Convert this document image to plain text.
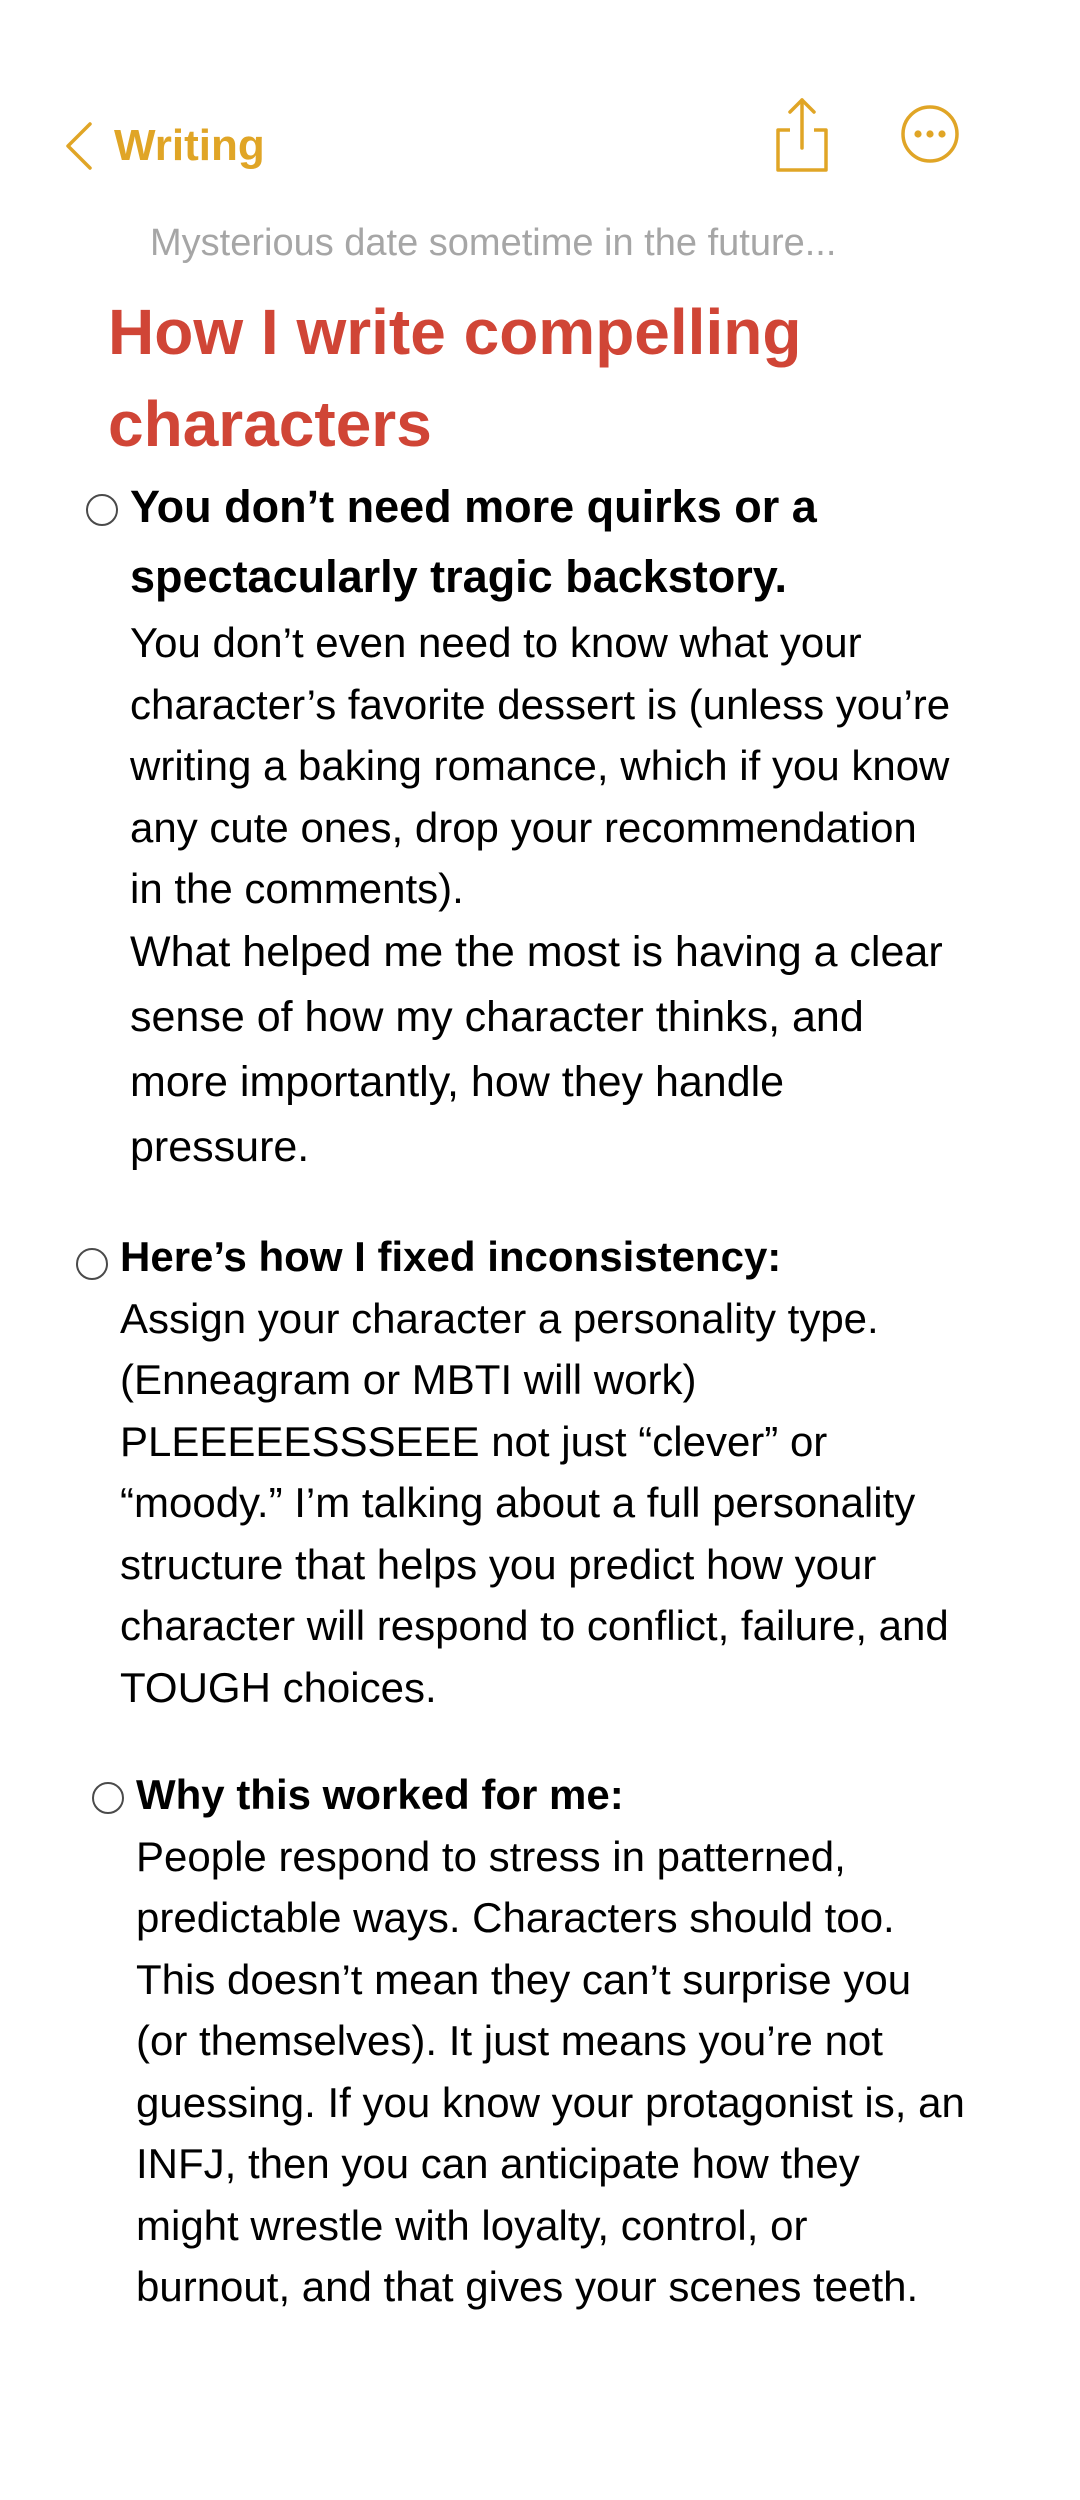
Writing
Mysterious date sometime in the future...
How I write compelling characters

You don’t need more quirks or a spectacularly tragic backstory.

You don’t even need to know what your character’s favorite dessert is (unless you’re writing a baking romance, which if you know any cute ones, drop your recommendation in the comments).

What helped me the most is having a clear sense of how my character thinks, and more importantly, how they handle pressure.

Here’s how I fixed inconsistency:

Assign your character a personality type. (Enneagram or MBTI will work) PLEEEEESSSEEE not just “clever” or “moody.” I’m talking about a full personality structure that helps you predict how your character will respond to conflict, failure, and TOUGH choices.

Why this worked for me:

People respond to stress in patterned, predictable ways. Characters should too. This doesn’t mean they can’t surprise you (or themselves). It just means you’re not guessing. If you know your protagonist is, an INFJ, then you can anticipate how they might wrestle with loyalty, control, or burnout, and that gives your scenes teeth.
